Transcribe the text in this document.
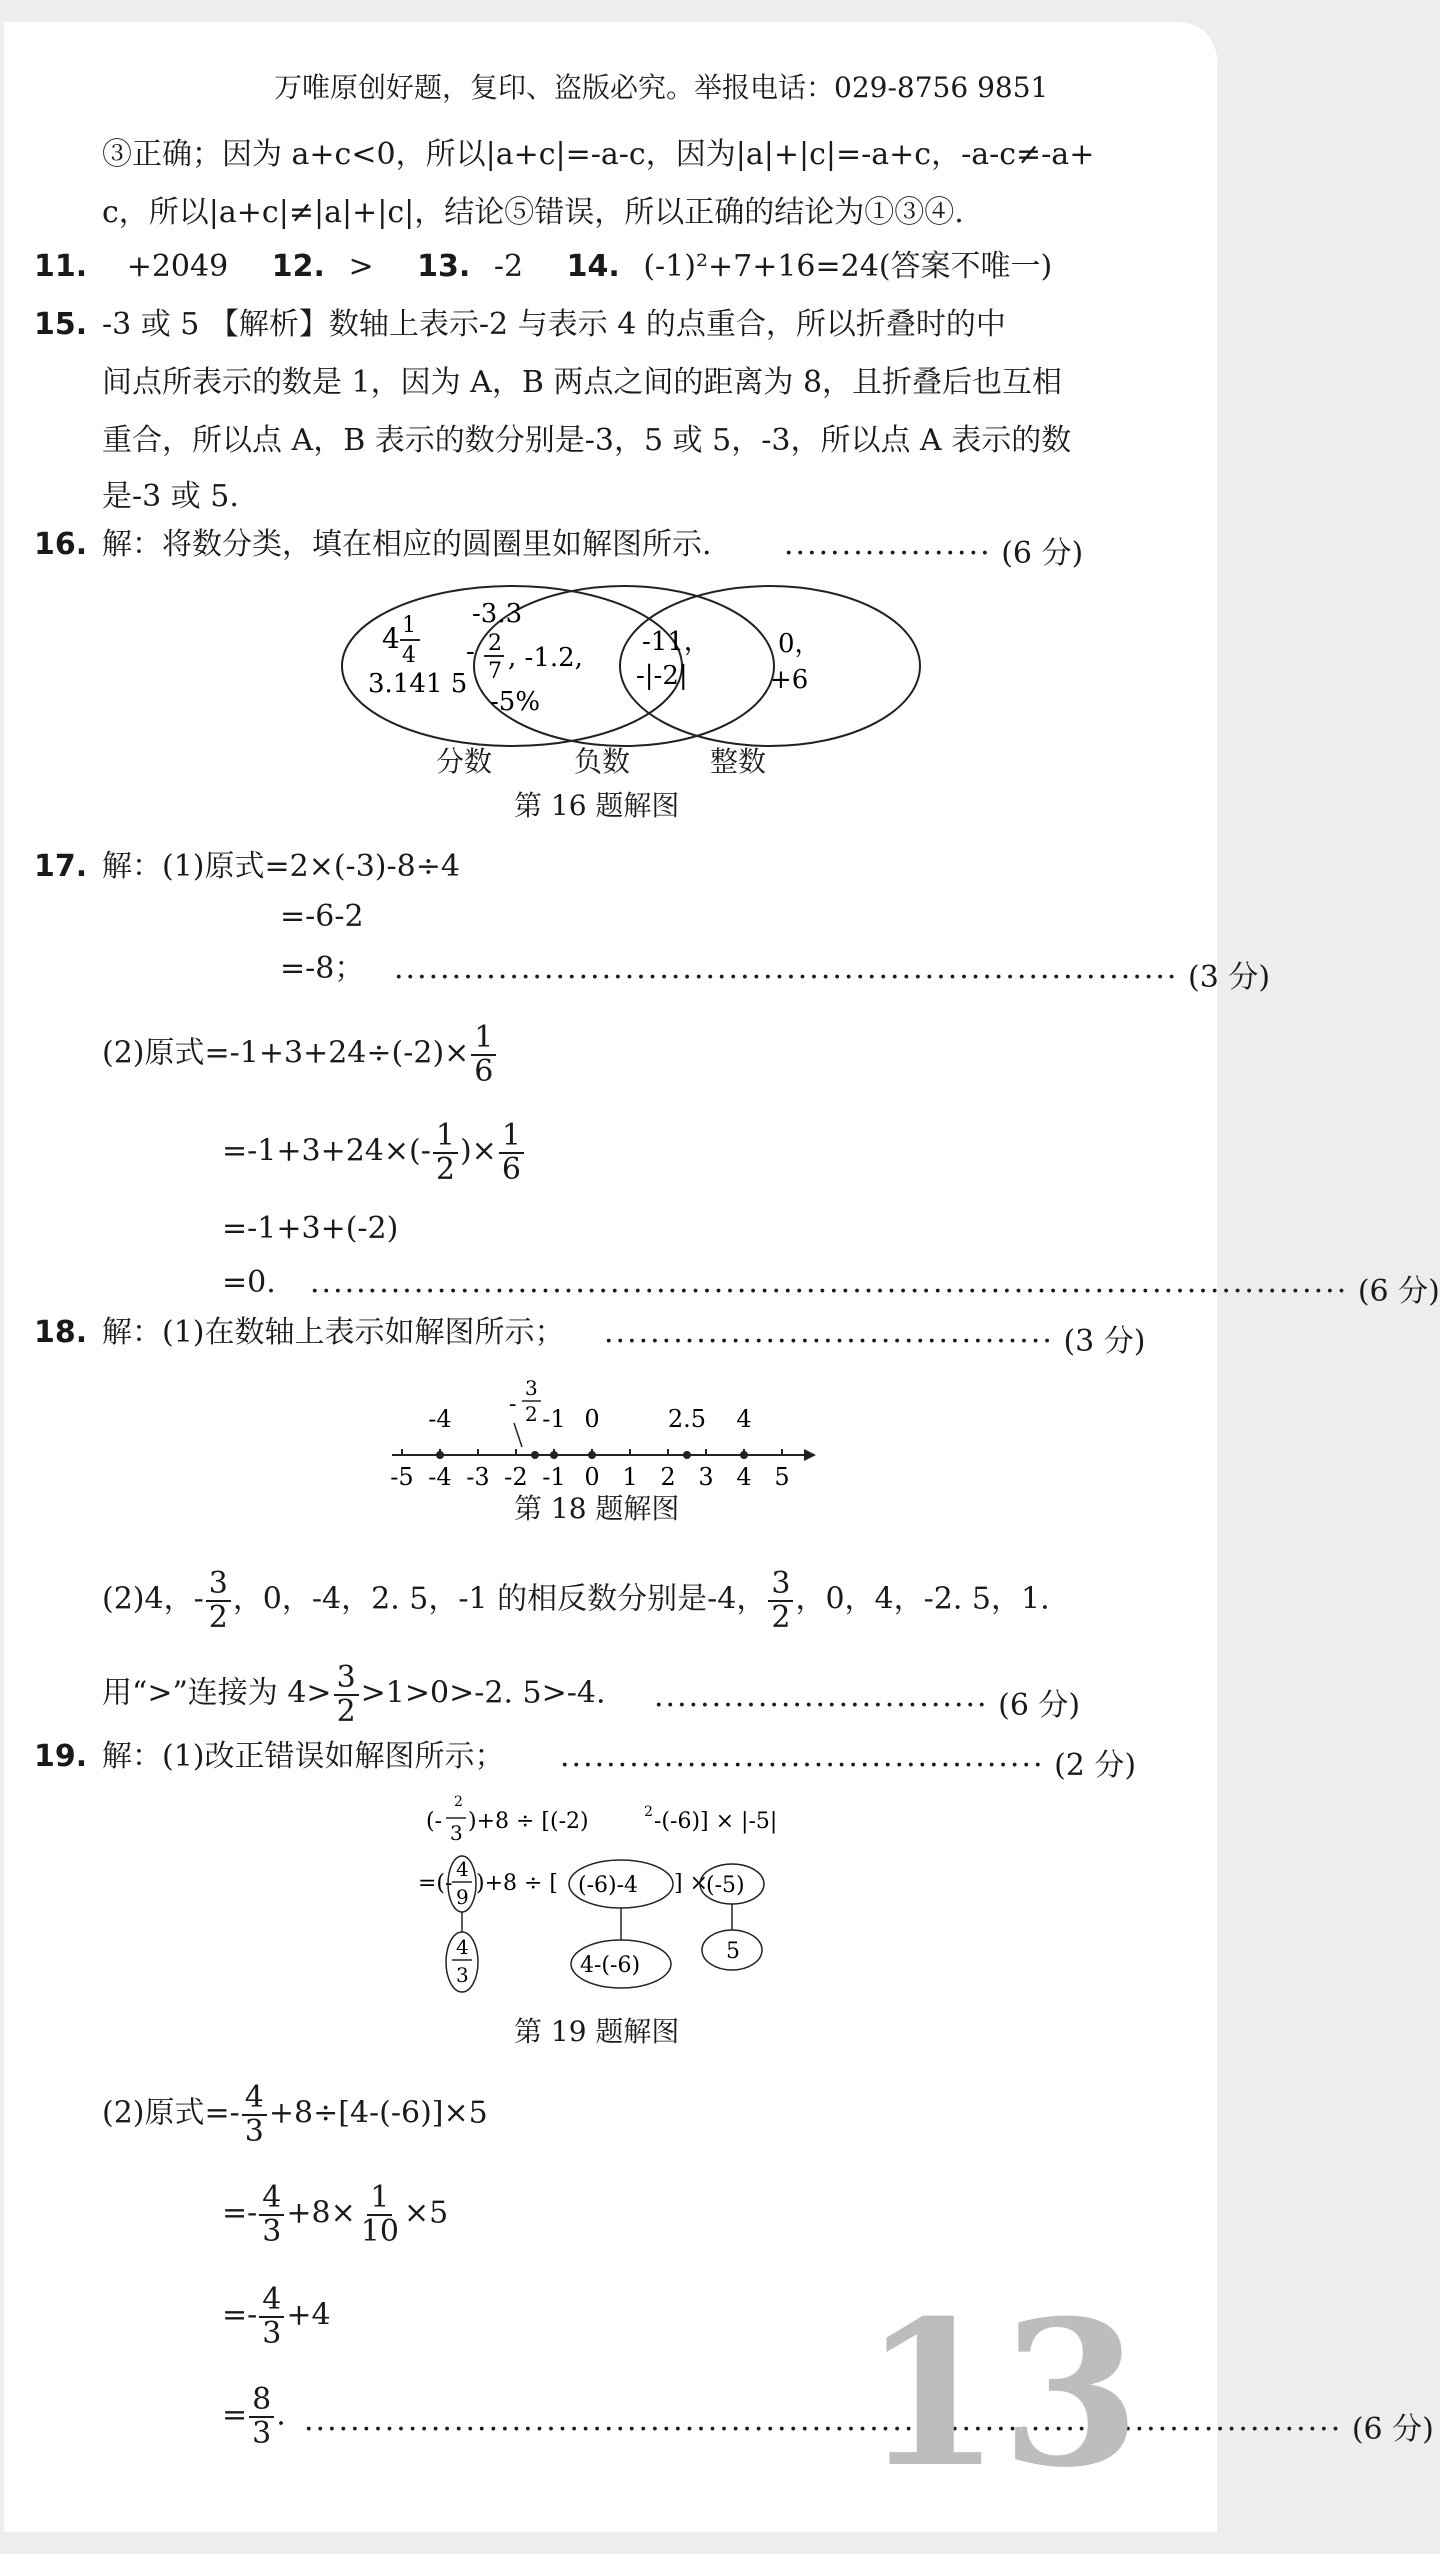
万唯原创好题，复印、盗版必究。举报电话：029-8756 9851
③正确；因为 a+c<0，所以|a+c|=-a-c，因为|a|+|c|=-a+c，-a-c≠-a+
c，所以|a+c|≠|a|+|c|，结论⑤错误，所以正确的结论为①③④.
11. +2049 12. > 13. -2 14. (-1)²+7+16=24(答案不唯一)
15. -3 或 5 【解析】数轴上表示-2 与表示 4 的点重合，所以折叠时的中
间点所表示的数是 1，因为 A，B 两点之间的距离为 8，且折叠后也互相
重合，所以点 A，B 表示的数分别是-3，5 或 5，-3，所以点 A 表示的数
是-3 或 5.
16. 解：将数分类，填在相应的圆圈里如解图所示. ·················· (6 分)
4 1
4
3.141 5
-3.3
- 2
7 , -1.2,
-5%
-11，
-|-2|
0，
+6
分数	负数	整数
第 16 题解图
17. 解：(1)原式=2×(-3)-8÷4
=-6-2
=-8； ···································································· (3 分)
(2)原式$=-1+3+24\div(-2)\times \frac{1}{6}$
$=-1+3+24\times(- \frac{1}{2}$ )× $\frac{1}{6}$
=-1+3+(-2)
=0. ·························································································· (6 分)
18. 解：(1)在数轴上表示如解图所示； ······································· (3 分)
-5 -4 -3 -2 -1 0 1 2 3 4 5
-4	-1 0	2.5 4
-
3
2
第 18 题解图
(2)4，- $\frac{3}{2}$ ，0，-4，2. 5，-1 的相反数分别是-4， $\frac{3}{2}$ ，0，4，-2. 5，1.
用“>”连接为 $4> \frac{3}{2} >1>0>-2$. 5>-4. ····························· (6 分)
19. 解：(1)改正错误如解图所示； ·········································· (2 分)
(-
2
3 )+8 ÷ [(-2)	2 -(-6)] × |-5|
=(-
4
9
)+8 ÷ [ (-6)-4 ] ×
(-5)
4
3	4-(-6)
5
第 19 题解图
(2)原式=- $\frac{4}{3} +8\div[4-(-6)]\times 5$
=- $\frac{4}{3} +8\times \frac{1}{10} \times 5$
=- $\frac{4}{3} +4$
= $\frac{8}{3}$ . ·························································································· (6 分)
13
